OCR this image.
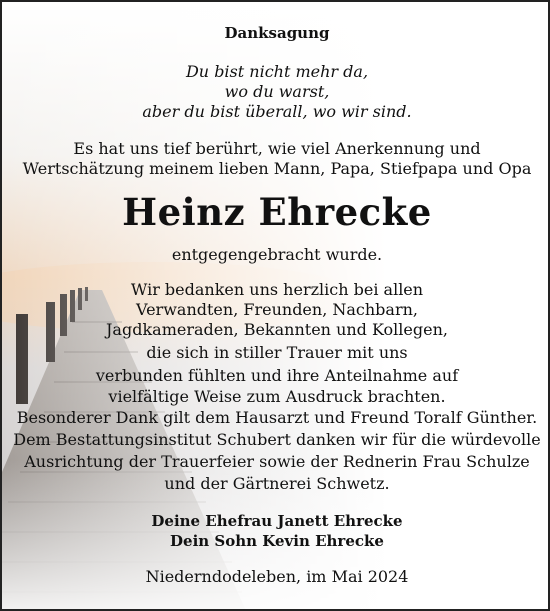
Danksagung

Du bist nicht mehr da,

wo du warst,

aber du bist überall, wo wir sind.

Es hat uns tief berührt, wie viel Anerkennung und

Wertschätzung meinem lieben Mann, Papa, Stiefpapa und Opa

Heinz Ehrecke

entgegengebracht wurde.

Wir bedanken uns herzlich bei allen

Verwandten, Freunden, Nachbarn,

Jagdkameraden, Bekannten und Kollegen,

die sich in stiller Trauer mit uns

verbunden fühlten und ihre Anteilnahme auf

vielfältige Weise zum Ausdruck brachten.

Besonderer Dank gilt dem Hausarzt und Freund Toralf Günther.

Dem Bestattungsinstitut Schubert danken wir für die würdevolle

Ausrichtung der Trauerfeier sowie der Rednerin Frau Schulze

und der Gärtnerei Schwetz.

Deine Ehefrau Janett Ehrecke

Dein Sohn Kevin Ehrecke

Niederndodeleben, im Mai 2024
